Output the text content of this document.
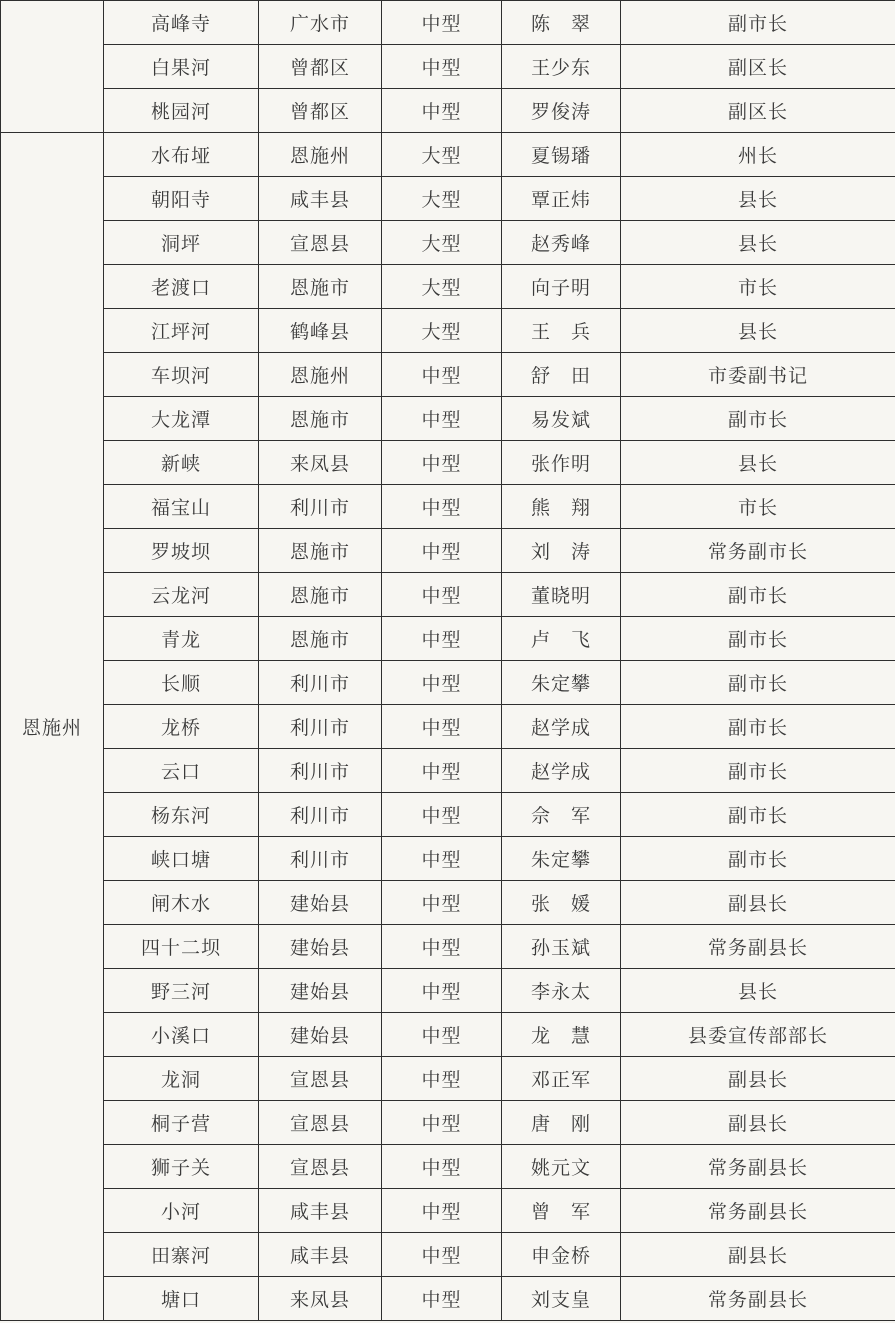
	高峰寺	广水市	中型	陈　翠	副市长
	白果河	曾都区	中型	王少东	副区长
	桃园河	曾都区	中型	罗俊涛	副区长
恩施州	水布垭	恩施州	大型	夏锡璠	州长
	朝阳寺	咸丰县	大型	覃正炜	县长
	洞坪	宣恩县	大型	赵秀峰	县长
	老渡口	恩施市	大型	向子明	市长
	江坪河	鹤峰县	大型	王　兵	县长
	车坝河	恩施州	中型	舒　田	市委副书记
	大龙潭	恩施市	中型	易发斌	副市长
	新峡	来凤县	中型	张作明	县长
	福宝山	利川市	中型	熊　翔	市长
	罗坡坝	恩施市	中型	刘　涛	常务副市长
	云龙河	恩施市	中型	董晓明	副市长
	青龙	恩施市	中型	卢　飞	副市长
	长顺	利川市	中型	朱定攀	副市长
	龙桥	利川市	中型	赵学成	副市长
	云口	利川市	中型	赵学成	副市长
	杨东河	利川市	中型	佘　军	副市长
	峡口塘	利川市	中型	朱定攀	副市长
	闸木水	建始县	中型	张　媛	副县长
	四十二坝	建始县	中型	孙玉斌	常务副县长
	野三河	建始县	中型	李永太	县长
	小溪口	建始县	中型	龙　慧	县委宣传部部长
	龙洞	宣恩县	中型	邓正军	副县长
	桐子营	宣恩县	中型	唐　刚	副县长
	狮子关	宣恩县	中型	姚元文	常务副县长
	小河	咸丰县	中型	曾　军	常务副县长
	田寨河	咸丰县	中型	申金桥	副县长
	塘口	来凤县	中型	刘支皇	常务副县长
